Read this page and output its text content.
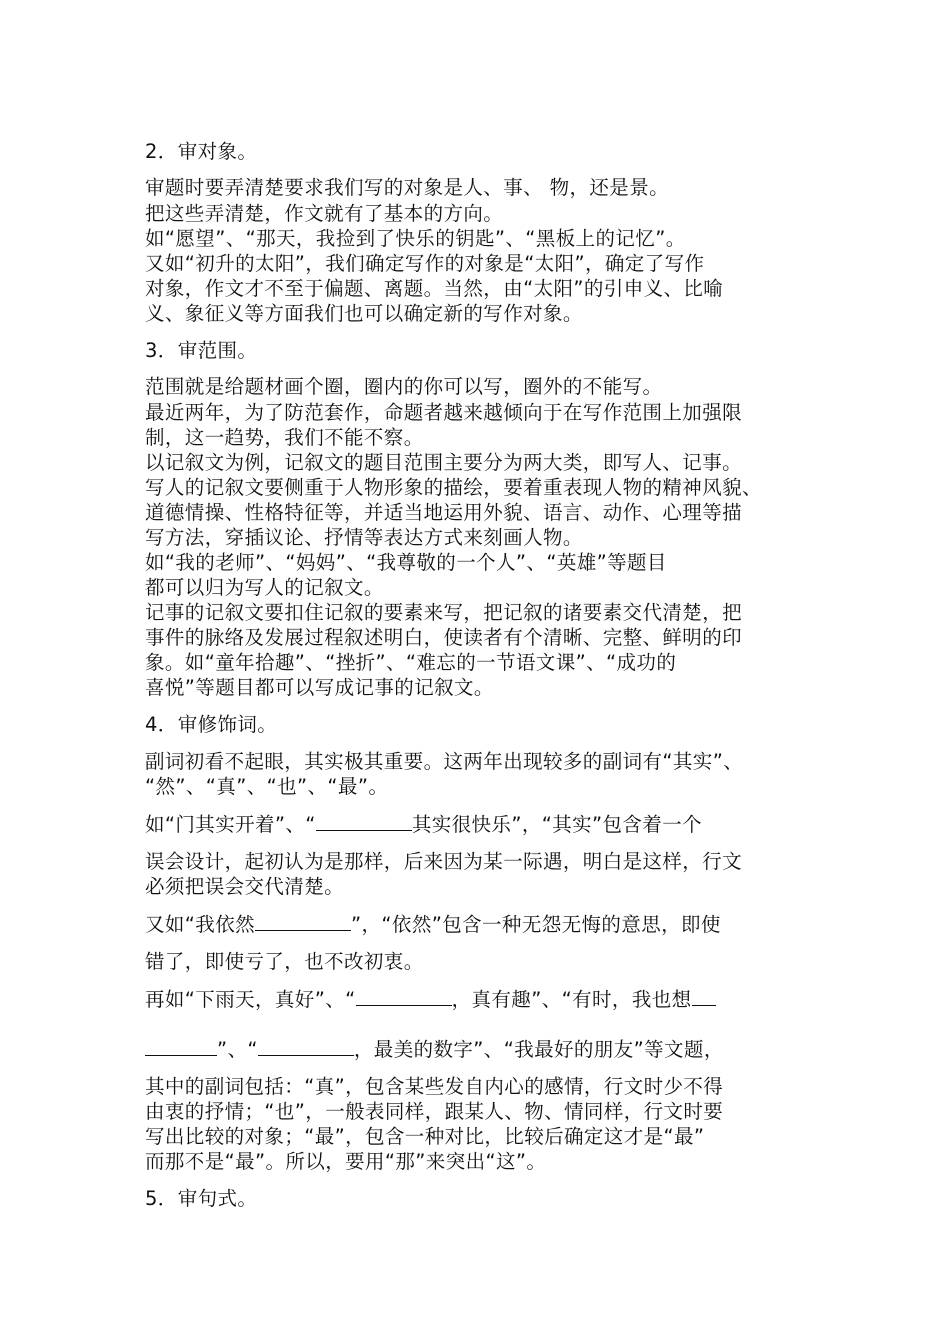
2．审对象。
审题时要弄清楚要求我们写的对象是人、事、 物，还是景。
把这些弄清楚，作文就有了基本的方向。
如“愿望”、“那天，我捡到了快乐的钥匙”、“黑板上的记忆”。
又如“初升的太阳”，我们确定写作的对象是“太阳”，确定了写作
对象，作文才不至于偏题、离题。当然，由“太阳”的引申义、比喻
义、象征义等方面我们也可以确定新的写作对象。
3．审范围。
范围就是给题材画个圈，圈内的你可以写，圈外的不能写。
最近两年，为了防范套作，命题者越来越倾向于在写作范围上加强限
制，这一趋势，我们不能不察。
以记叙文为例，记叙文的题目范围主要分为两大类，即写人、记事。
写人的记叙文要侧重于人物形象的描绘，要着重表现人物的精神风貌、
道德情操、性格特征等，并适当地运用外貌、语言、动作、心理等描
写方法，穿插议论、抒情等表达方式来刻画人物。
如“我的老师”、“妈妈”、“我尊敬的一个人”、“英雄”等题目
都可以归为写人的记叙文。
记事的记叙文要扣住记叙的要素来写，把记叙的诸要素交代清楚，把
事件的脉络及发展过程叙述明白，使读者有个清晰、完整、鲜明的印
象。如“童年拾趣”、“挫折”、“难忘的一节语文课”、“成功的
喜悦”等题目都可以写成记事的记叙文。
4．审修饰词。
副词初看不起眼，其实极其重要。这两年出现较多的副词有“其实”、
“然”、“真”、“也”、“最”。
如“门其实开着”、“	其实很快乐”，“其实”包含着一个
误会设计，起初认为是那样，后来因为某一际遇，明白是这样，行文
必须把误会交代清楚。
又如“我依然	”，“依然”包含一种无怨无悔的意思，即使
错了，即使亏了，也不改初衷。
再如“下雨天，真好”、“	，真有趣”、“有时，我也想
”、“	，最美的数字”、“我最好的朋友”等文题，
其中的副词包括：“真”，包含某些发自内心的感情，行文时少不得
由衷的抒情；“也”，一般表同样，跟某人、物、情同样，行文时要
写出比较的对象；“最”，包含一种对比，比较后确定这才是“最”
而那不是“最”。所以，要用“那”来突出“这”。
5．审句式。
